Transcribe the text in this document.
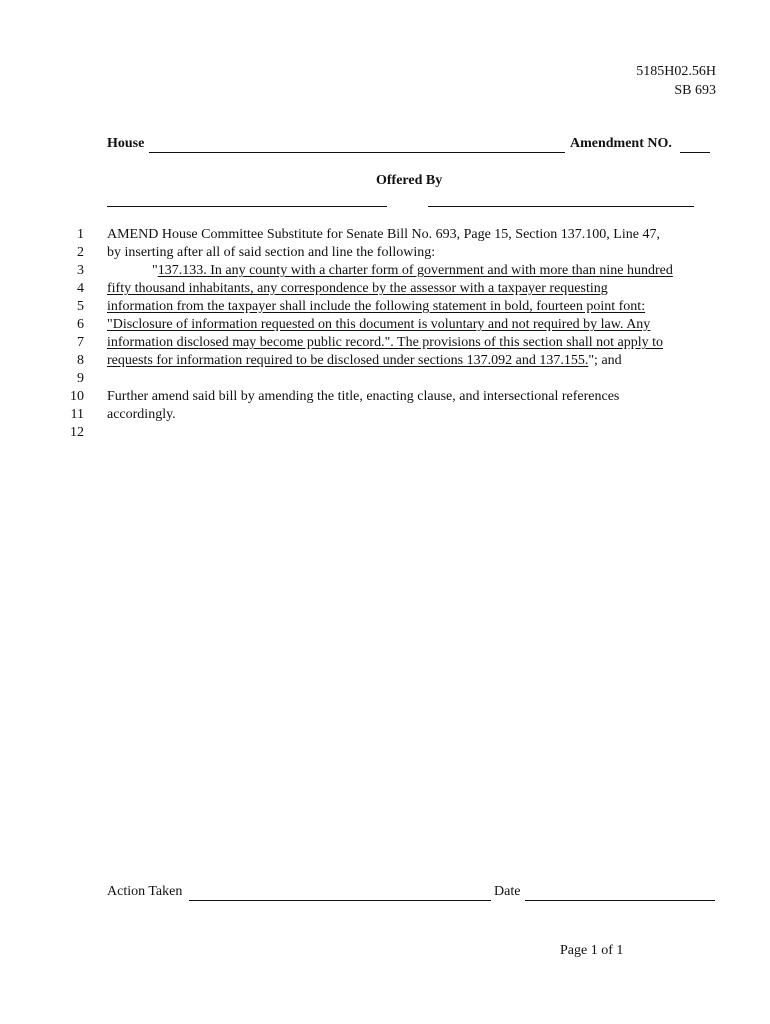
5185H02.56H
SB 693
House	Amendment NO.
Offered By
1
2
3
4
5
6
7
8
9
10
11
12
AMEND House Committee Substitute for Senate Bill No. 693, Page 15, Section 137.100, Line 47,
by inserting after all of said section and line the following:
"137.133. In any county with a charter form of government and with more than nine hundred
fifty thousand inhabitants, any correspondence by the assessor with a taxpayer requesting
information from the taxpayer shall include the following statement in bold, fourteen point font:
"Disclosure of information requested on this document is voluntary and not required by law. Any
information disclosed may become public record.". The provisions of this section shall not apply to
requests for information required to be disclosed under sections 137.092 and 137.155."; and
Further amend said bill by amending the title, enacting clause, and intersectional references
accordingly.
Action Taken	Date
Page 1 of 1
